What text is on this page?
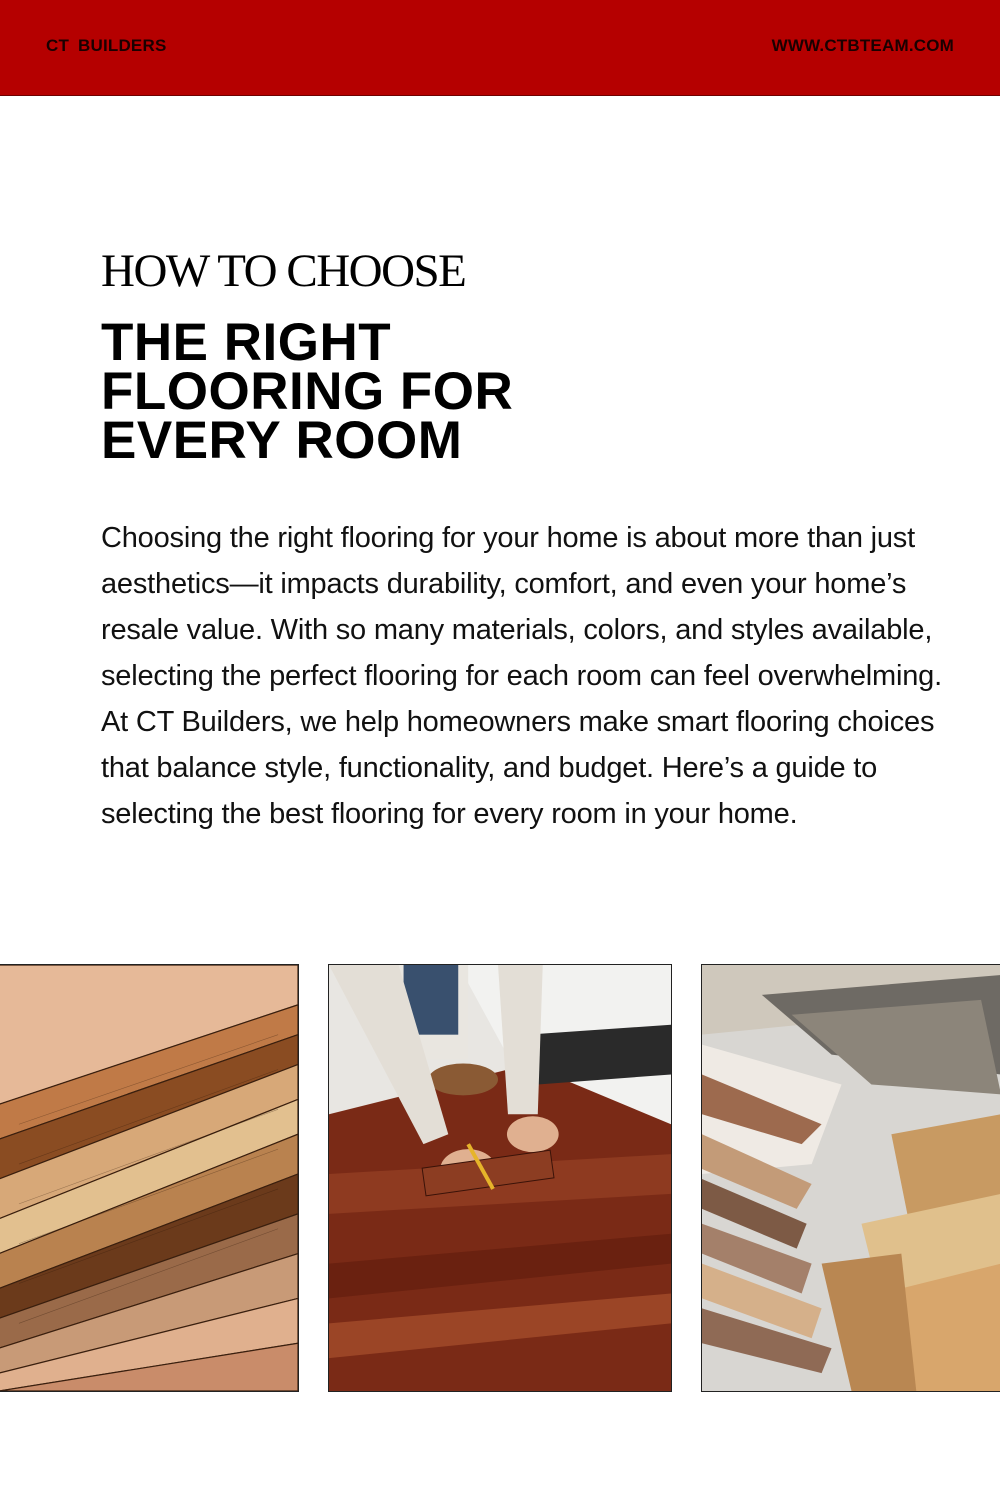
CT BUILDERS	WWW.CTBTEAM.COM
HOW TO CHOOSE
THE RIGHT
FLOORING FOR
EVERY ROOM

Choosing the right flooring for your home is about more than just aesthetics—it impacts durability, comfort, and even your home’s resale value. With so many materials, colors, and styles available, selecting the perfect flooring for each room can feel overwhelming.

At CT Builders, we help homeowners make smart flooring choices that balance style, functionality, and budget. Here’s a guide to selecting the best flooring for every room in your home.
